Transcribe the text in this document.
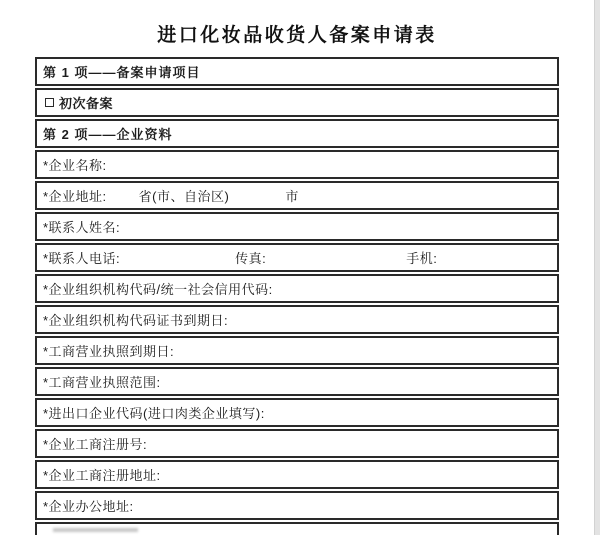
进口化妆品收货人备案申请表
第 1 项——备案申请项目
初次备案
第 2 项——企业资料
*企业名称:
*企业地址: 省(市、自治区)	市
*联系人姓名:
*联系人电话:	传真:	手机:
*企业组织机构代码/统一社会信用代码:
*企业组织机构代码证书到期日:
*工商营业执照到期日:
*工商营业执照范围:
*进出口企业代码(进口肉类企业填写):
*企业工商注册号:
*企业工商注册地址:
*企业办公地址:
